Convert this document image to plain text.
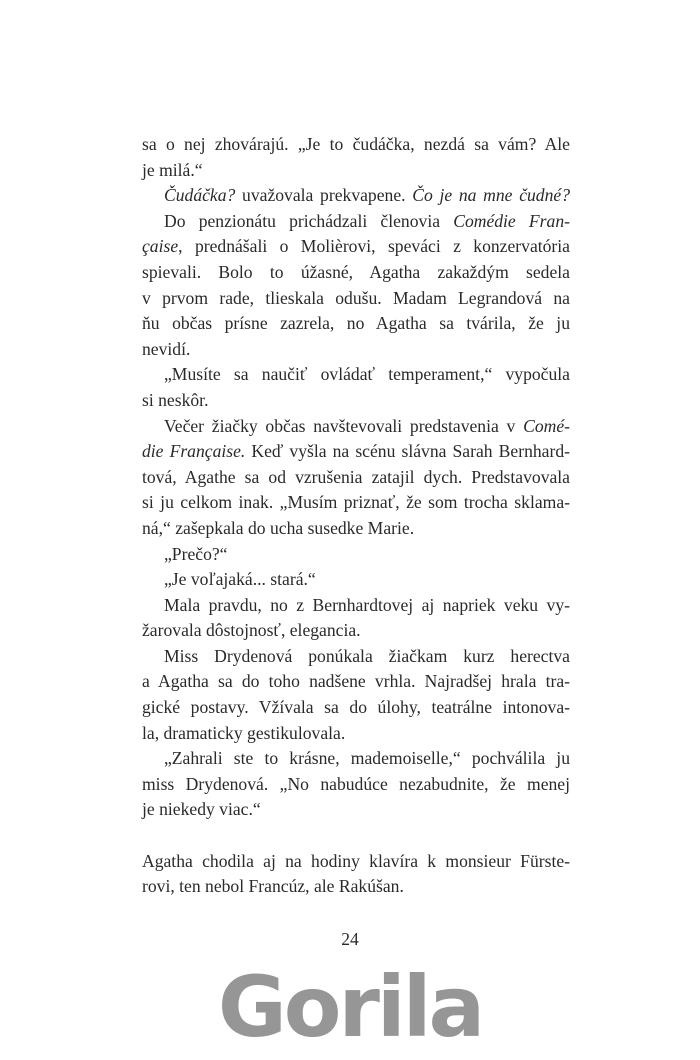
sa o nej zhovárajú. „Je to čudáčka, nezdá sa vám? Ale
je milá.“
Čudáčka? uvažovala prekvapene. Čo je na mne čudné?
Do penzionátu prichádzali členovia Comédie Fran-
çaise, prednášali o Molièrovi, speváci z konzervatória
spievali. Bolo to úžasné, Agatha zakaždým sedela
v prvom rade, tlieskala odušu. Madam Legrandová na
ňu občas prísne zazrela, no Agatha sa tvárila, že ju
nevidí.
„Musíte sa naučiť ovládať temperament,“ vypočula
si neskôr.
Večer žiačky občas navštevovali predstavenia v Comé-
die Française. Keď vyšla na scénu slávna Sarah Bernhard-
tová, Agathe sa od vzrušenia zatajil dych. Predstavovala
si ju celkom inak. „Musím priznať, že som trocha sklama-
ná,“ zašepkala do ucha susedke Marie.
„Prečo?“
„Je voľajaká... stará.“
Mala pravdu, no z Bernhardtovej aj napriek veku vy-
žarovala dôstojnosť, elegancia.
Miss Drydenová ponúkala žiačkam kurz herectva
a Agatha sa do toho nadšene vrhla. Najradšej hrala tra-
gické postavy. Vžívala sa do úlohy, teatrálne intonova-
la, dramaticky gestikulovala.
„Zahrali ste to krásne, mademoiselle,“ pochválila ju
miss Drydenová. „No nabudúce nezabudnite, že menej
je niekedy viac.“
Agatha chodila aj na hodiny klavíra k monsieur Fürste-
rovi, ten nebol Francúz, ale Rakúšan.
24
Gorila
